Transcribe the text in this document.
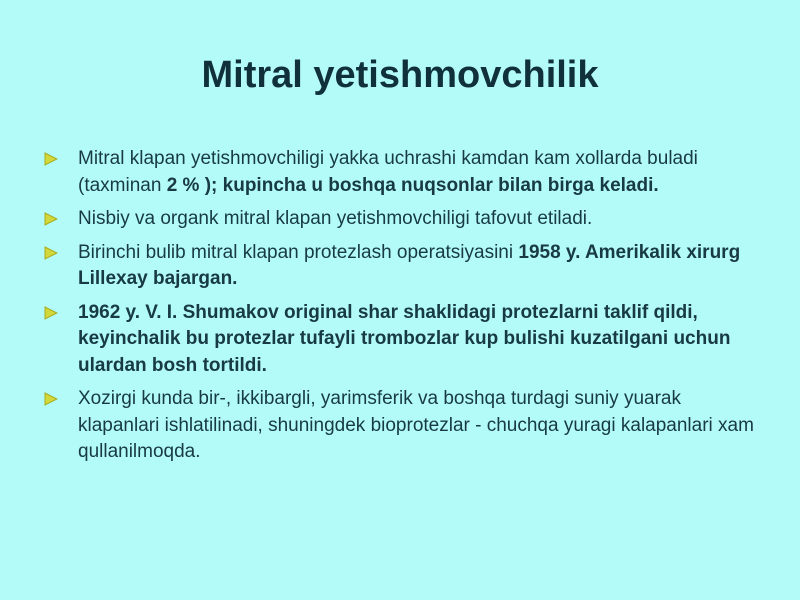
Mitral yetishmovchilik
Mitral klapan yetishmovchiligi yakka uchrashi kamdan kam xollarda buladi (taxminan 2 % ); kupincha u boshqa nuqsonlar bilan birga keladi.
Nisbiy va organk mitral klapan yetishmovchiligi tafovut etiladi.
Birinchi bulib mitral klapan protezlash operatsiyasini 1958 y. Amerikalik xirurg Lillexay bajargan.
1962 y. V. I. Shumakov original shar shaklidagi protezlarni taklif qildi, keyinchalik bu protezlar tufayli trombozlar kup bulishi kuzatilgani uchun ulardan bosh tortildi.
Xozirgi kunda bir-, ikkibargli, yarimsferik va boshqa turdagi suniy yuarak klapanlari ishlatilinadi, shuningdek bioprotezlar - chuchqa yuragi kalapanlari xam qullanilmoqda.
